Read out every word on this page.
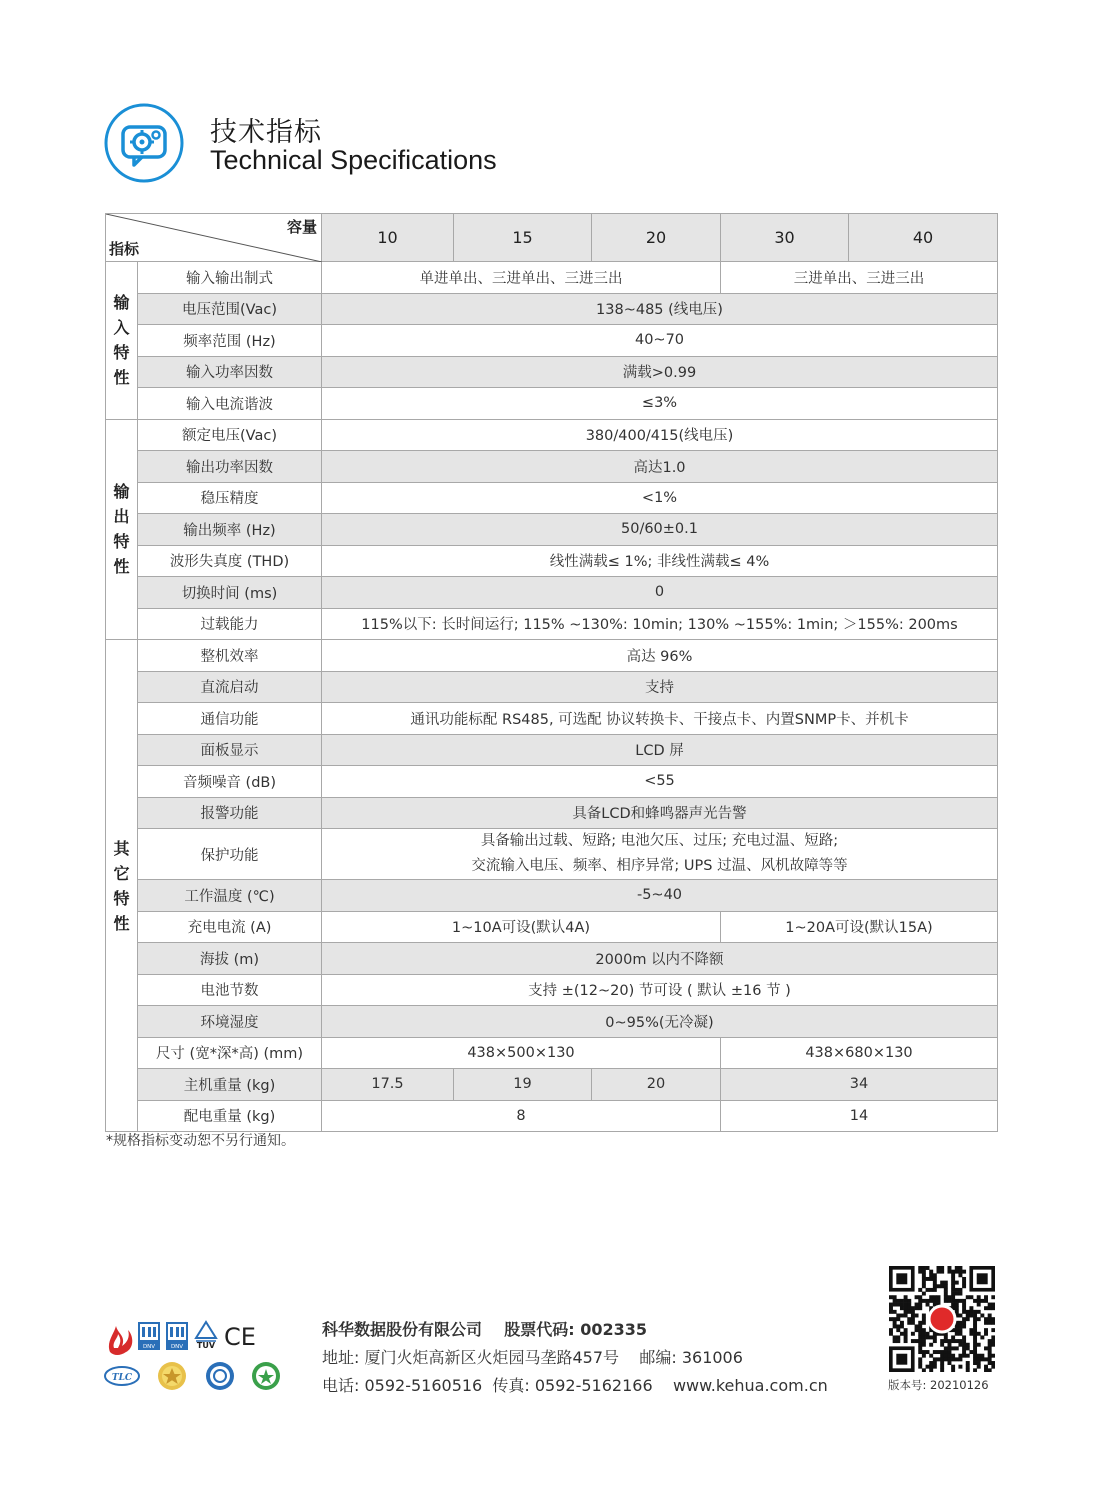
技术指标
Technical Specifications
容量
指标		10	15	20	30	40
输
入
特
性	输入输出制式	单进单出、三进单出、三进三出			三进单出、三进三出	
	电压范围(Vac)	138~485 (线电压)				
	频率范围 (Hz)	40~70				
	输入功率因数	满载>0.99				
	输入电流谐波	≤3%				
输
出
特
性	额定电压(Vac)	380/400/415(线电压)				
	输出功率因数	高达1.0				
	稳压精度	<1%				
	输出频率 (Hz)	50/60±0.1				
	波形失真度 (THD)	线性满载≤ 1%; 非线性满载≤ 4%				
	切换时间 (ms)	0				
	过载能力	115%以下: 长时间运行; 115% ~130%: 10min; 130% ~155%: 1min; ＞155%: 200ms				
其
它
特
性	整机效率	高达 96%				
	直流启动	支持				
	通信功能	通讯功能标配 RS485, 可选配 协议转换卡、干接点卡、内置SNMP卡、并机卡				
	面板显示	LCD 屏				
	音频噪音 (dB)	<55				
	报警功能	具备LCD和蜂鸣器声光告警				
	保护功能	具备输出过载、短路; 电池欠压、过压; 充电过温、短路;
交流输入电压、频率、相序异常; UPS 过温、风机故障等等				

	工作温度 (℃)	-5~40				
	充电电流 (A)	1~10A可设(默认4A)			1~20A可设(默认15A)	
	海拔 (m)	2000m 以内不降额				
	电池节数	支持 ±(12~20) 节可设 ( 默认 ±16 节 )				
	环境湿度	0~95%(无冷凝)				
	尺寸 (宽*深*高) (mm)	438×500×130			438×680×130	
	主机重量 (kg)	17.5	19	20	34	
	配电重量 (kg)	8			14	
*规格指标变动恕不另行通知。
DNV	DNV TÜV CE
TLC
科华数据股份有限公司    股票代码: 002335
地址: 厦门火炬高新区火炬园马垄路457号    邮编: 361006
电话: 0592-5160516  传真: 0592-5162166    www.kehua.com.cn	版本号: 20210126
